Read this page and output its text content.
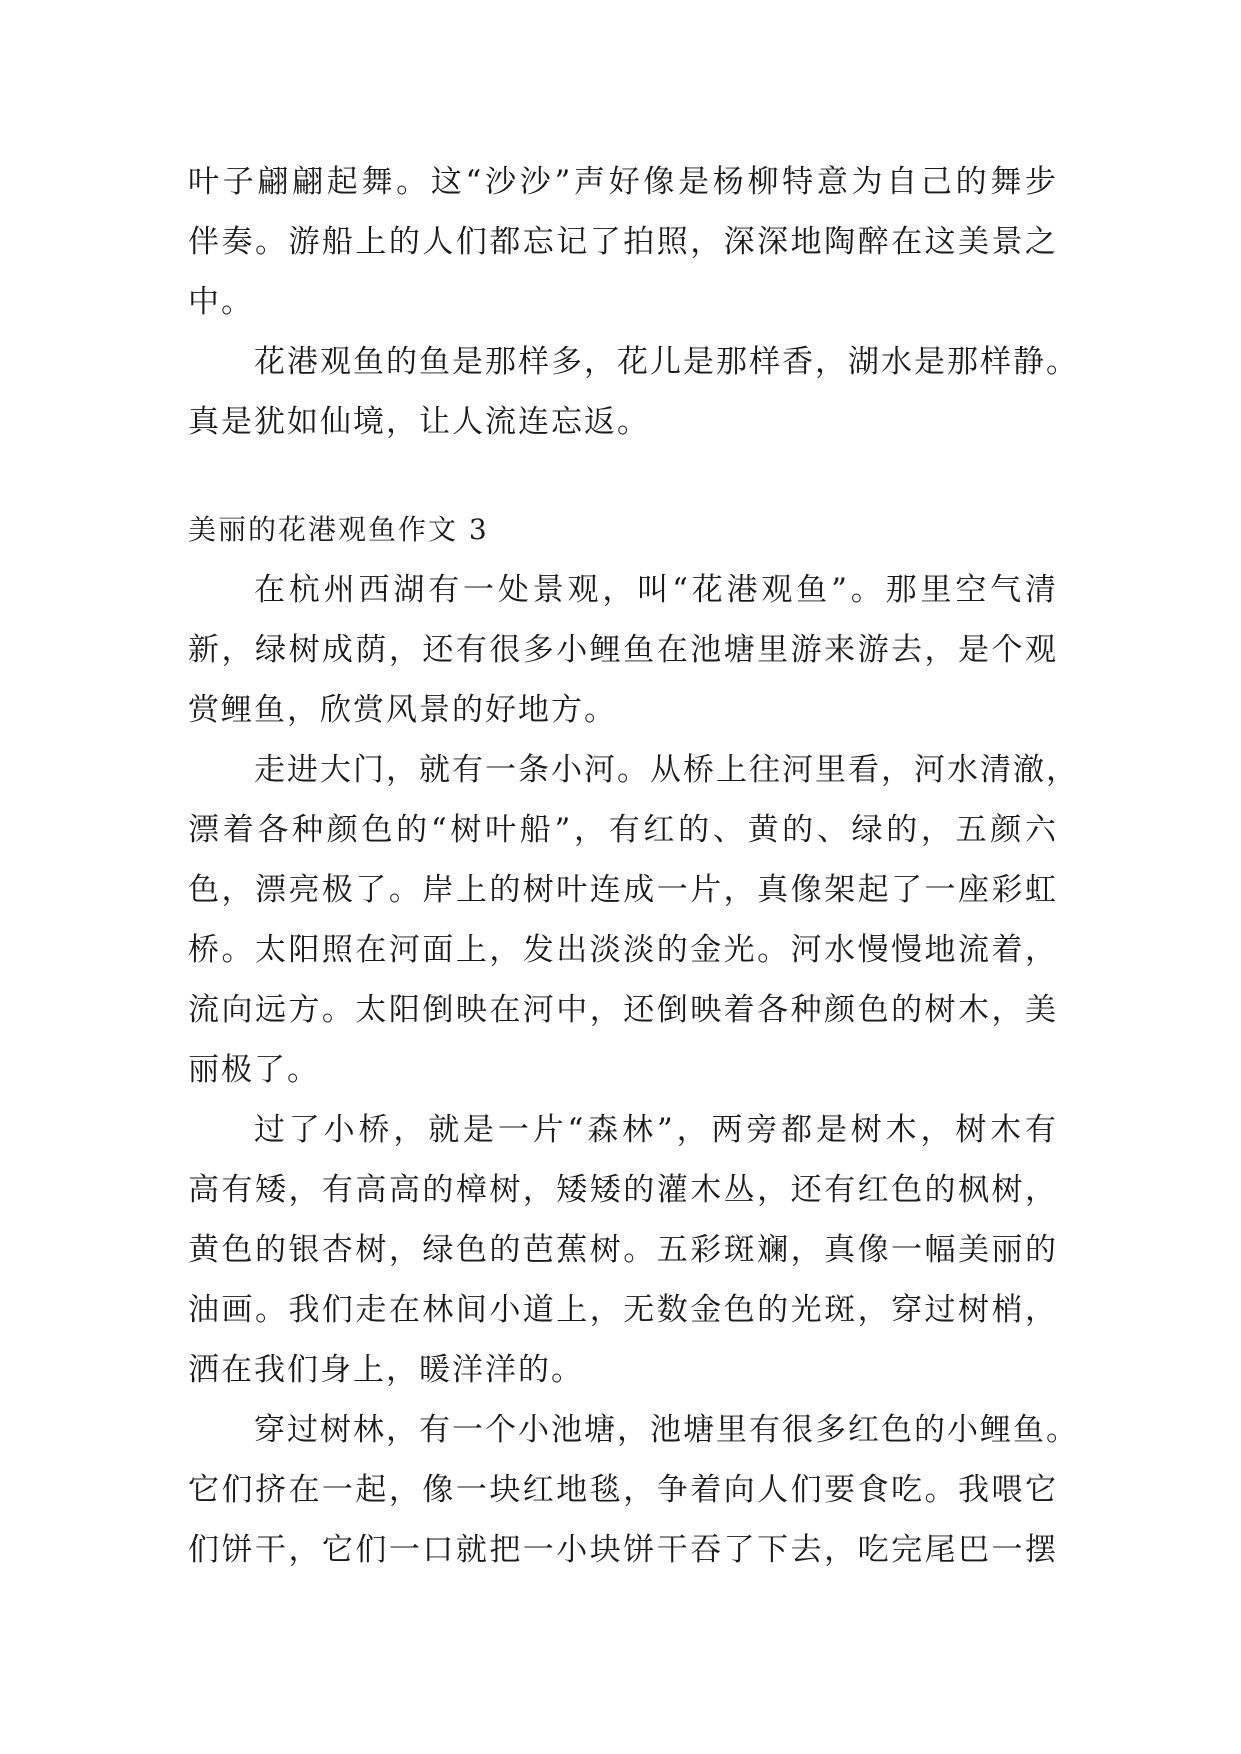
叶子翩翩起舞。这“沙沙”声好像是杨柳特意为自己的舞步
伴奏。游船上的人们都忘记了拍照，深深地陶醉在这美景之
中。
花港观鱼的鱼是那样多，花儿是那样香，湖水是那样静。
真是犹如仙境，让人流连忘返。
美丽的花港观鱼作文 3
在杭州西湖有一处景观，叫“花港观鱼”。那里空气清
新，绿树成荫，还有很多小鲤鱼在池塘里游来游去，是个观
赏鲤鱼，欣赏风景的好地方。
走进大门，就有一条小河。从桥上往河里看，河水清澈，
漂着各种颜色的“树叶船”，有红的、黄的、绿的，五颜六
色，漂亮极了。岸上的树叶连成一片，真像架起了一座彩虹
桥。太阳照在河面上，发出淡淡的金光。河水慢慢地流着，
流向远方。太阳倒映在河中，还倒映着各种颜色的树木，美
丽极了。
过了小桥，就是一片“森林”，两旁都是树木，树木有
高有矮，有高高的樟树，矮矮的灌木丛，还有红色的枫树，
黄色的银杏树，绿色的芭蕉树。五彩斑斓，真像一幅美丽的
油画。我们走在林间小道上，无数金色的光斑，穿过树梢，
洒在我们身上，暖洋洋的。
穿过树林，有一个小池塘，池塘里有很多红色的小鲤鱼。
它们挤在一起，像一块红地毯，争着向人们要食吃。我喂它
们饼干，它们一口就把一小块饼干吞了下去，吃完尾巴一摆
